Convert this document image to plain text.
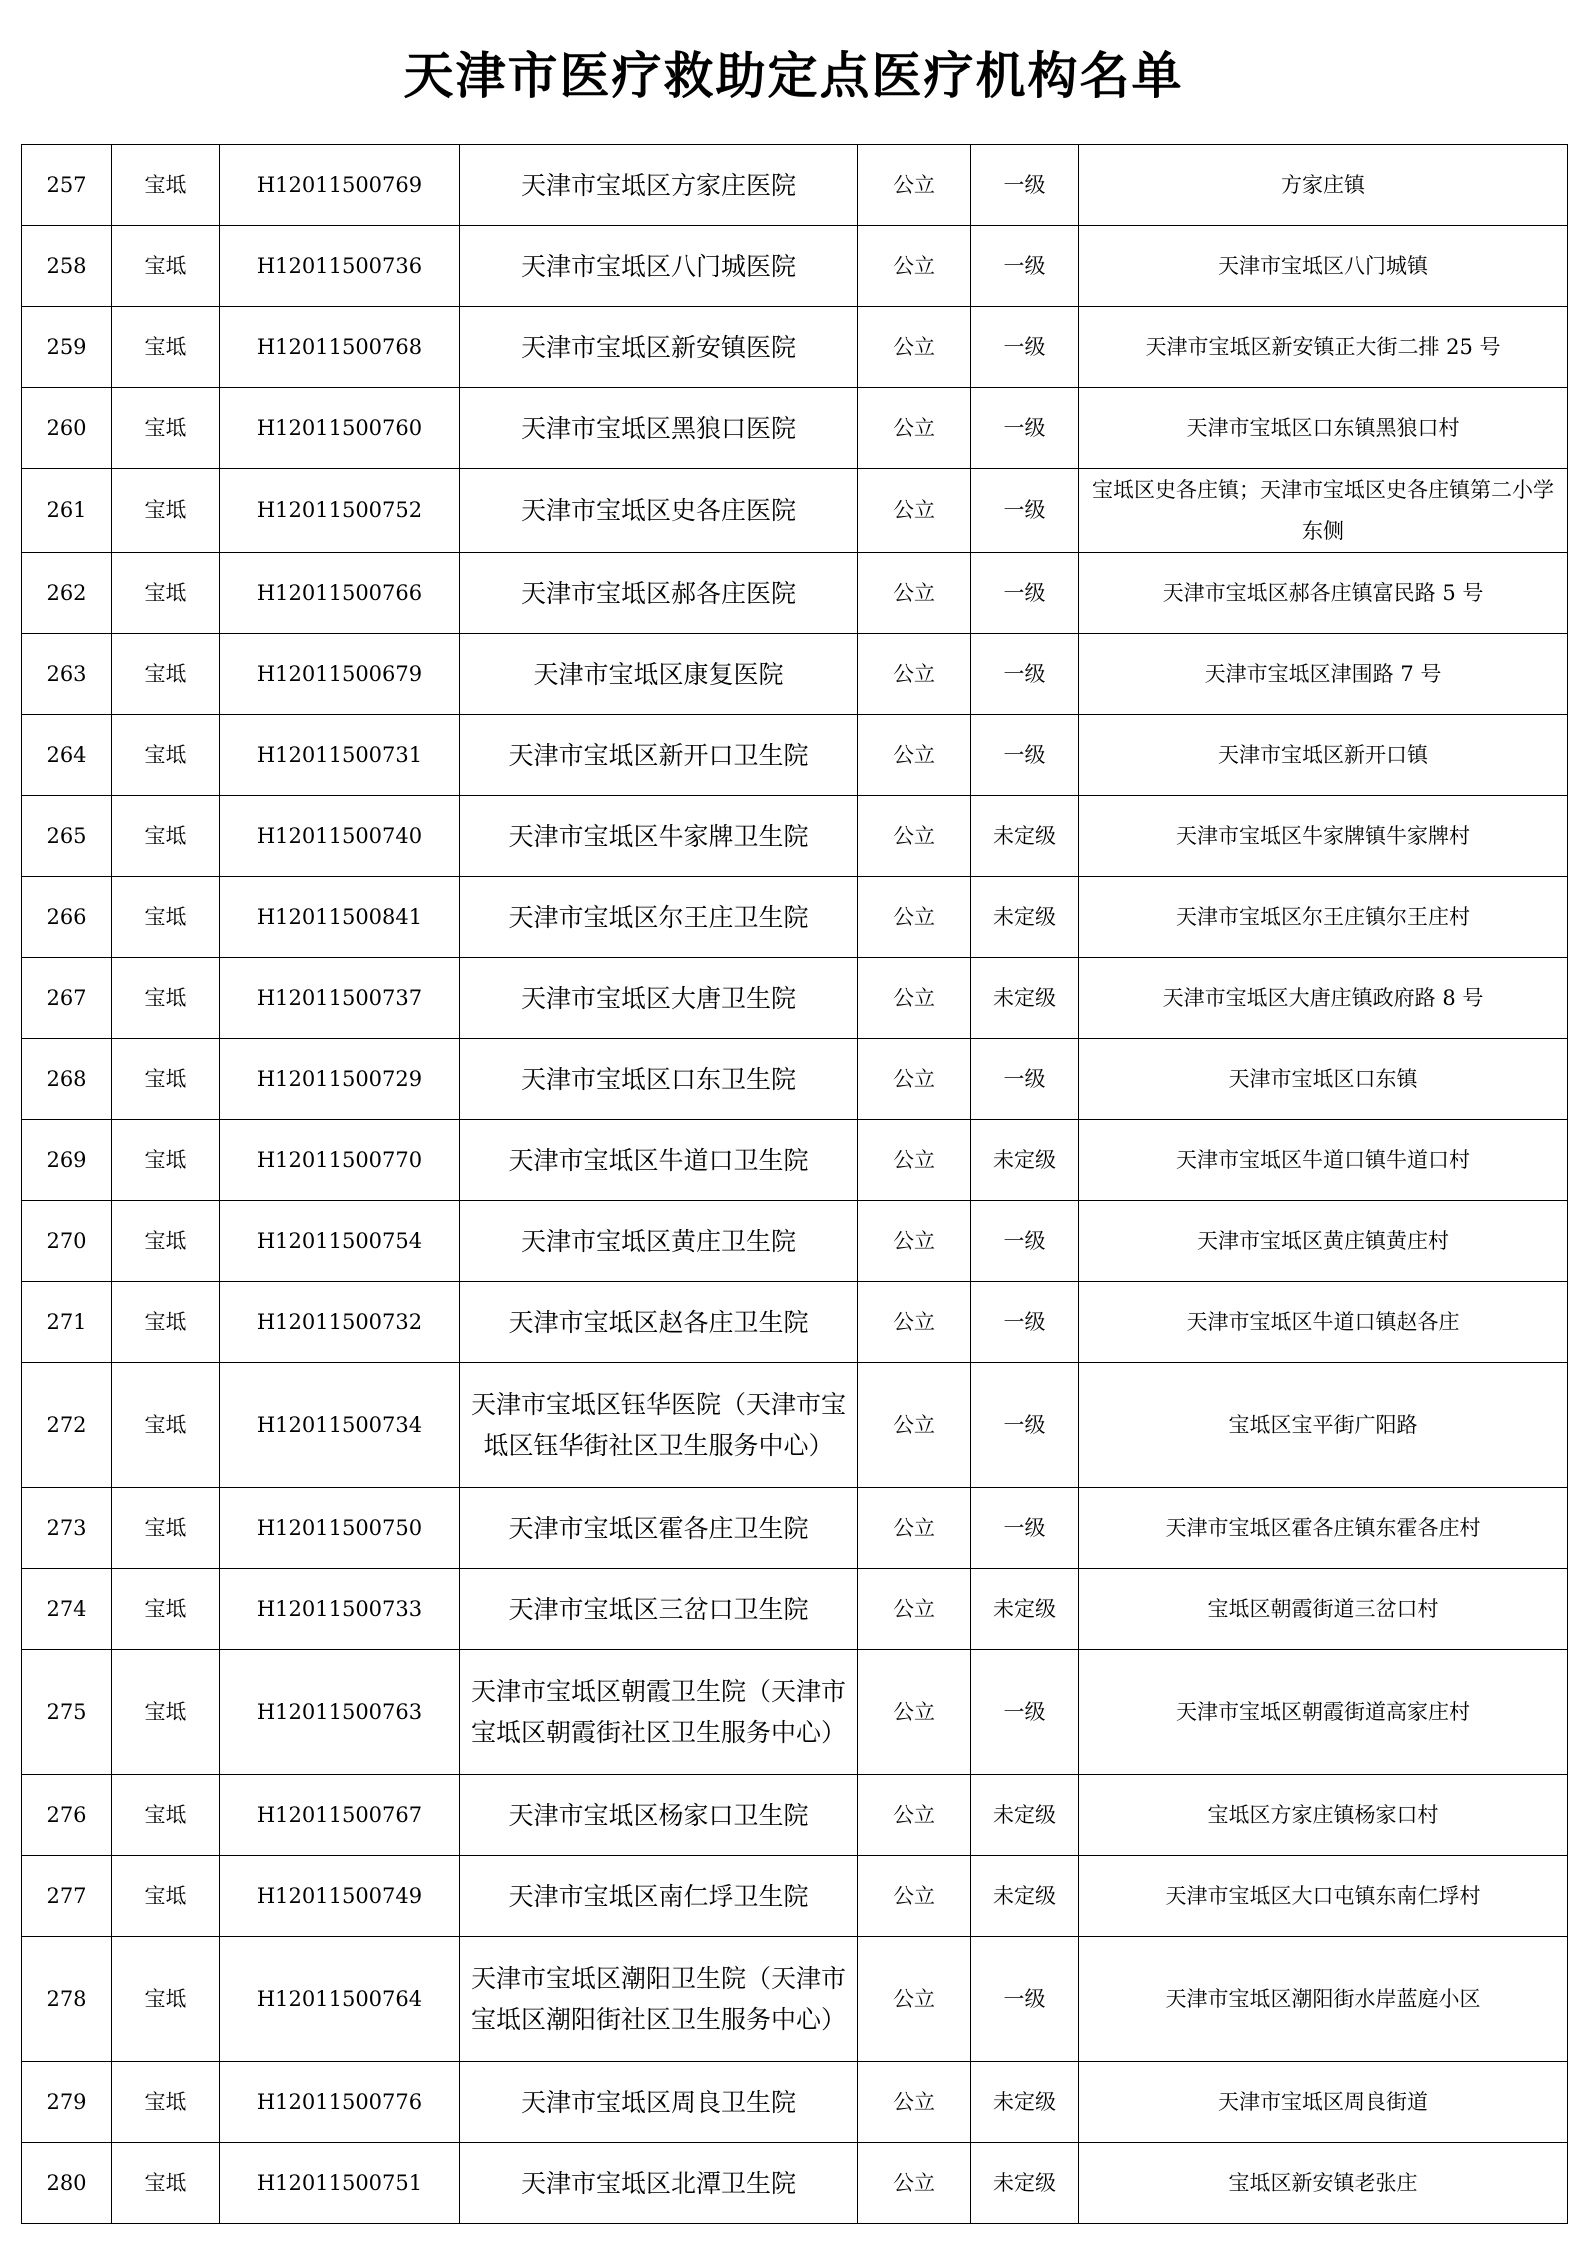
天津市医疗救助定点医疗机构名单
257	宝坻	H12011500769	天津市宝坻区方家庄医院	公立	一级	方家庄镇
258	宝坻	H12011500736	天津市宝坻区八门城医院	公立	一级	天津市宝坻区八门城镇
259	宝坻	H12011500768	天津市宝坻区新安镇医院	公立	一级	天津市宝坻区新安镇正大街二排 25 号
260	宝坻	H12011500760	天津市宝坻区黑狼口医院	公立	一级	天津市宝坻区口东镇黑狼口村
261	宝坻	H12011500752	天津市宝坻区史各庄医院	公立	一级	宝坻区史各庄镇；天津市宝坻区史各庄镇第二小学东侧
262	宝坻	H12011500766	天津市宝坻区郝各庄医院	公立	一级	天津市宝坻区郝各庄镇富民路 5 号
263	宝坻	H12011500679	天津市宝坻区康复医院	公立	一级	天津市宝坻区津围路 7 号
264	宝坻	H12011500731	天津市宝坻区新开口卫生院	公立	一级	天津市宝坻区新开口镇
265	宝坻	H12011500740	天津市宝坻区牛家牌卫生院	公立	未定级	天津市宝坻区牛家牌镇牛家牌村
266	宝坻	H12011500841	天津市宝坻区尔王庄卫生院	公立	未定级	天津市宝坻区尔王庄镇尔王庄村
267	宝坻	H12011500737	天津市宝坻区大唐卫生院	公立	未定级	天津市宝坻区大唐庄镇政府路 8 号
268	宝坻	H12011500729	天津市宝坻区口东卫生院	公立	一级	天津市宝坻区口东镇
269	宝坻	H12011500770	天津市宝坻区牛道口卫生院	公立	未定级	天津市宝坻区牛道口镇牛道口村
270	宝坻	H12011500754	天津市宝坻区黄庄卫生院	公立	一级	天津市宝坻区黄庄镇黄庄村
271	宝坻	H12011500732	天津市宝坻区赵各庄卫生院	公立	一级	天津市宝坻区牛道口镇赵各庄
272	宝坻	H12011500734	天津市宝坻区钰华医院（天津市宝坻区钰华街社区卫生服务中心）	公立	一级	宝坻区宝平街广阳路
273	宝坻	H12011500750	天津市宝坻区霍各庄卫生院	公立	一级	天津市宝坻区霍各庄镇东霍各庄村
274	宝坻	H12011500733	天津市宝坻区三岔口卫生院	公立	未定级	宝坻区朝霞街道三岔口村
275	宝坻	H12011500763	天津市宝坻区朝霞卫生院（天津市宝坻区朝霞街社区卫生服务中心）	公立	一级	天津市宝坻区朝霞街道高家庄村
276	宝坻	H12011500767	天津市宝坻区杨家口卫生院	公立	未定级	宝坻区方家庄镇杨家口村
277	宝坻	H12011500749	天津市宝坻区南仁垺卫生院	公立	未定级	天津市宝坻区大口屯镇东南仁垺村
278	宝坻	H12011500764	天津市宝坻区潮阳卫生院（天津市宝坻区潮阳街社区卫生服务中心）	公立	一级	天津市宝坻区潮阳街水岸蓝庭小区
279	宝坻	H12011500776	天津市宝坻区周良卫生院	公立	未定级	天津市宝坻区周良街道
280	宝坻	H12011500751	天津市宝坻区北潭卫生院	公立	未定级	宝坻区新安镇老张庄
